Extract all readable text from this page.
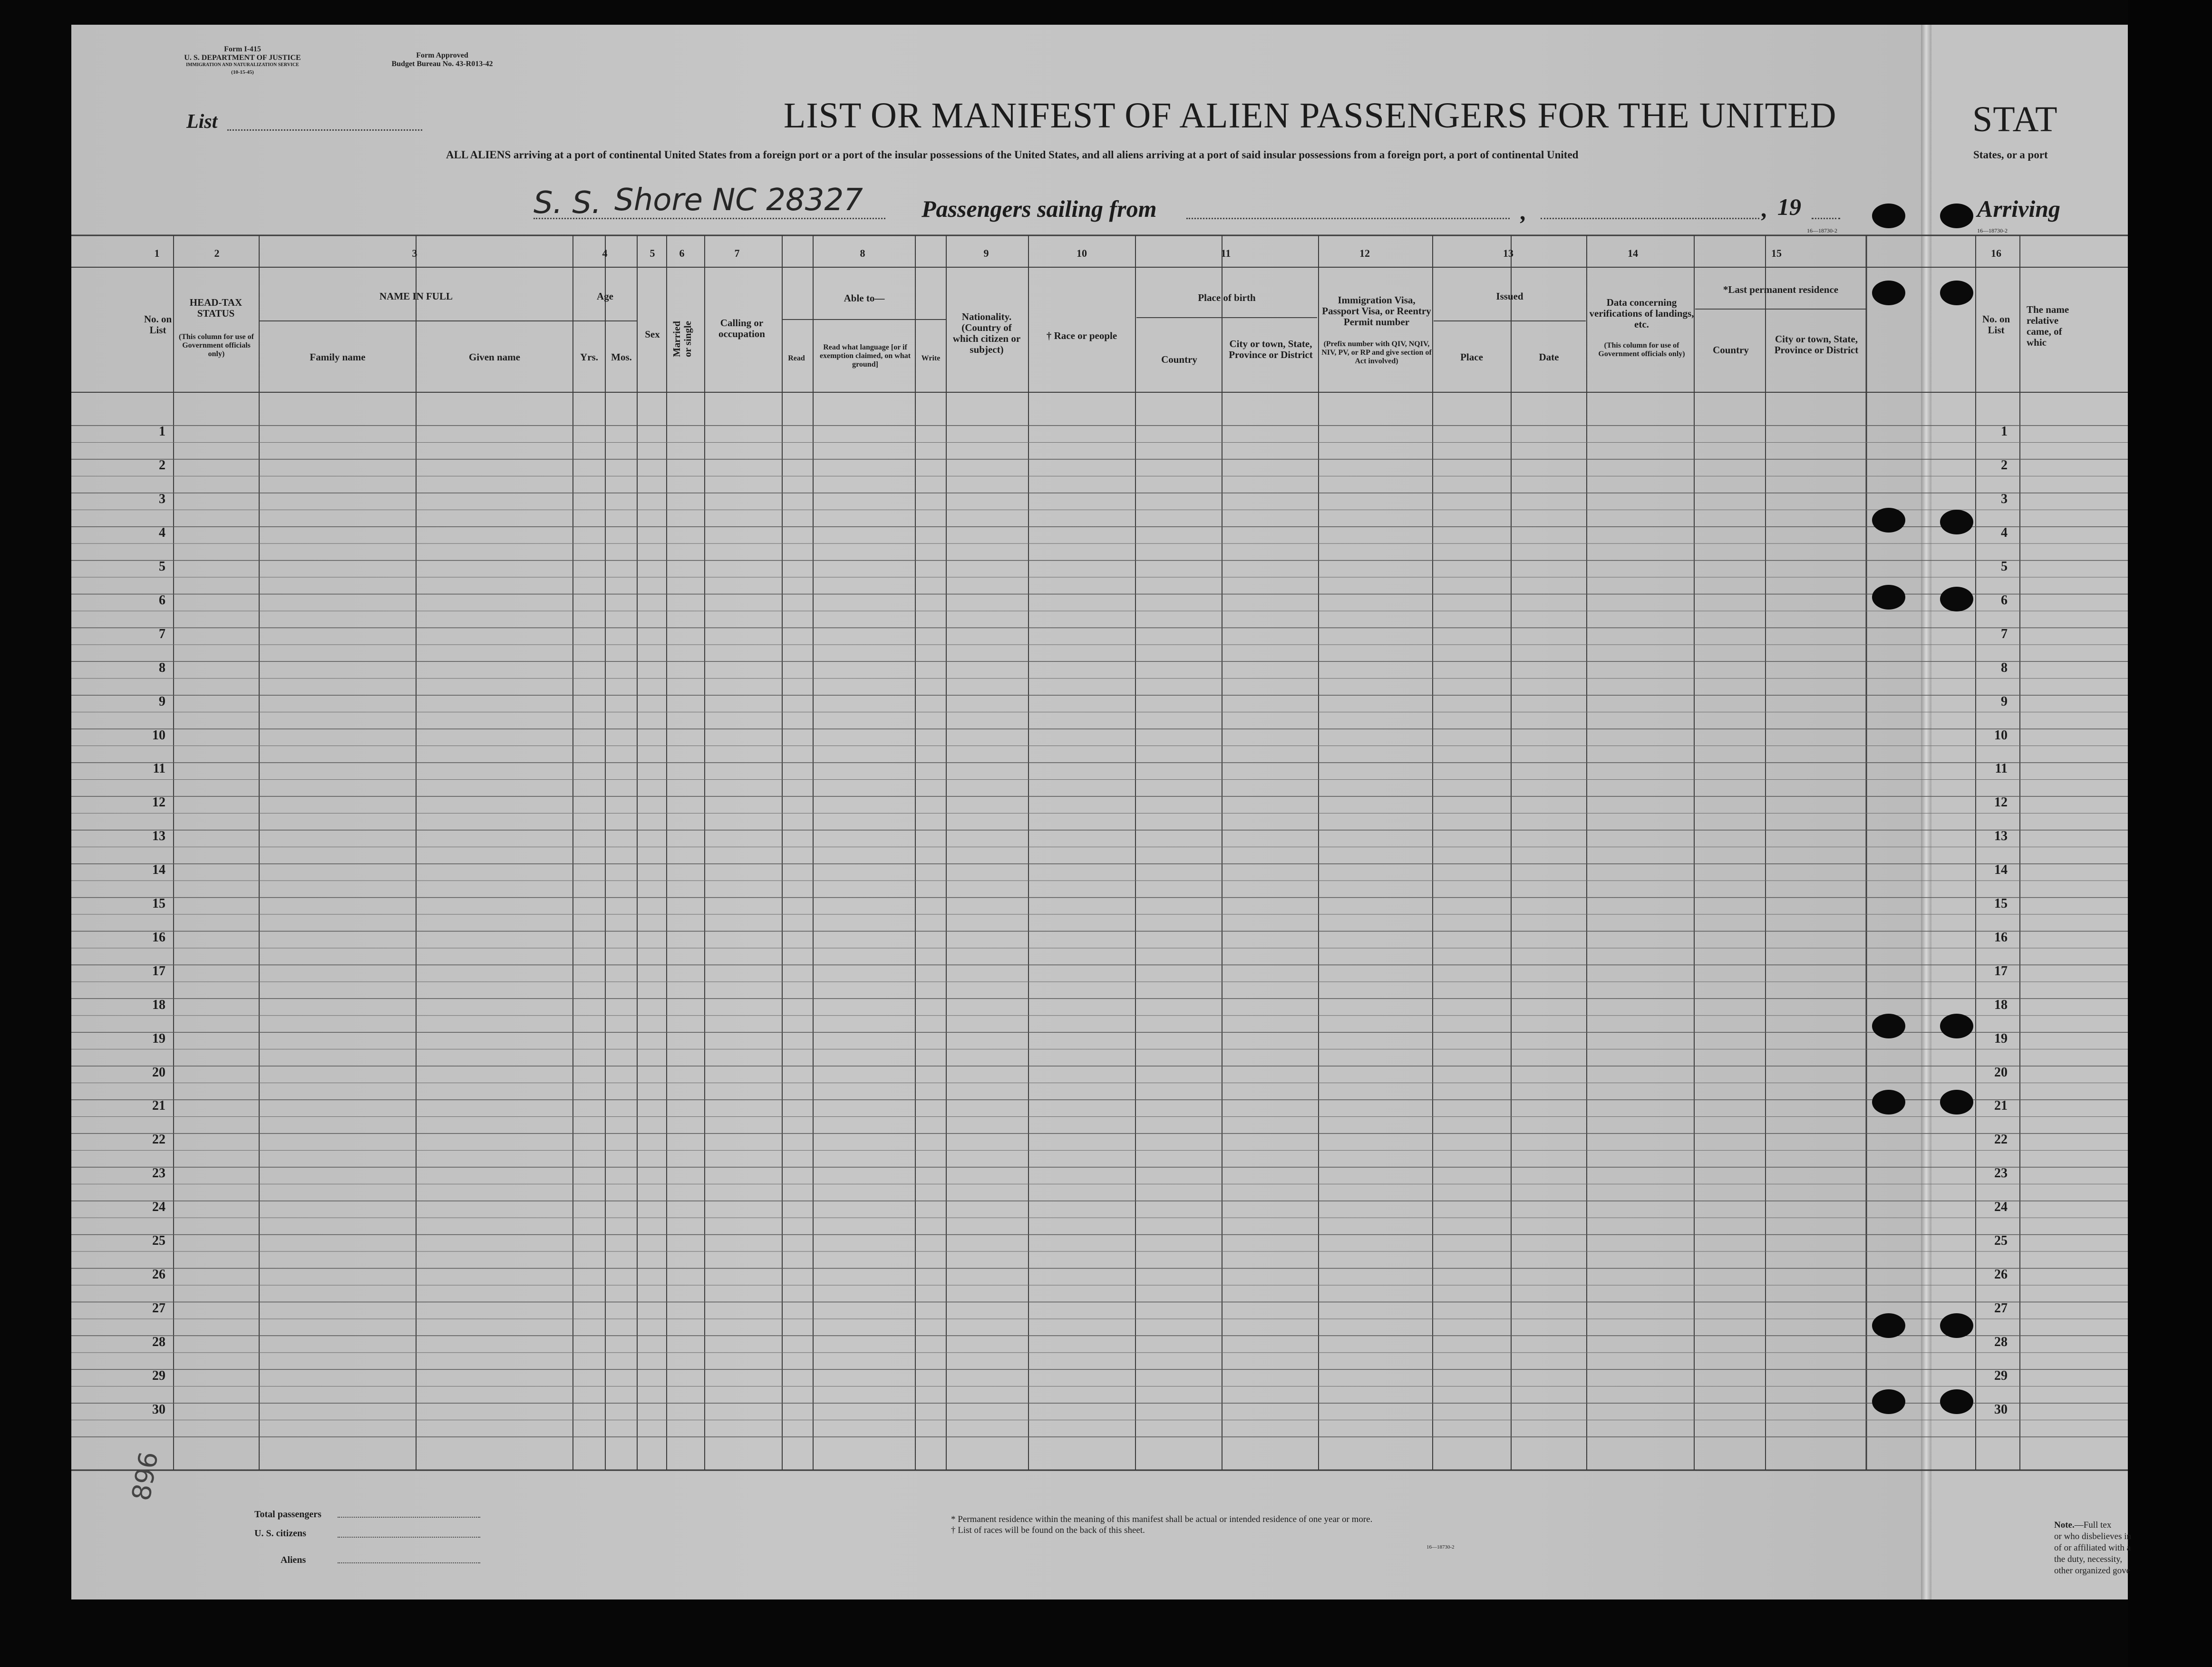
Form I-415
U. S. DEPARTMENT OF JUSTICE
IMMIGRATION AND NATURALIZATION SERVICE
(10-15-45)
Form Approved
Budget Bureau No. 43-R013-42
List	LIST OR MANIFEST OF ALIEN PASSENGERS FOR THE UNITED	STAT
ALL ALIENS arriving at a port of continental United States from a foreign port or a port of the insular possessions of the United States, and all aliens arriving at a port of said insular possessions from a foreign port, a port of continental United	States, or a port
S. S. Shore NC 28327 Passengers sailing from	,	, 19
16—18730-2
Arriving
16—18730-2
1	2	3	4	5	6	7	8	9	10	11	12	13	14	15	16
No. on List
HEAD-TAX STATUS
(This column for use of Government officials only)
NAME IN FULL
Family name	Given name
Age
Yrs.	Mos.
Sex	Married or single	Calling or occupation
Able to—
Read
Read what language [or if exemption claimed, on what ground]
Write
Nationality. (Country of which citizen or subject)
† Race or people
Place of birth
Country
City or town, State, Province or District
Immigration Visa, Passport Visa, or Reentry Permit number
(Prefix number with QIV, NQIV, NIV, PV, or RP and give section of Act involved)
Issued
Place	Date
Data concerning verifications of landings, etc.
(This column for use of Government officials only)
*Last permanent residence
Country
City or town, State, Province or District
No. on List
The name relative came, of whic
1	1
2	2
3	3
4	4
5	5
6	6
7	7
8	8
9	9
10	10
11	11
12	12
13	13
14	14
15	15
16	16
17	17
18	18
19	19
20	20
21	21
22	22
23	23
24	24
25	25
26	26
27	27
28	28
29	29
30	30
896
Total passengers
U. S. citizens
Aliens
* Permanent residence within the meaning of this manifest shall be actual or intended residence of one year or more.
† List of races will be found on the back of this sheet.
16—18730-2
Note.—Full tex
or who disbelieves in
of or affiliated with a
the duty, necessity,
other organized gove
